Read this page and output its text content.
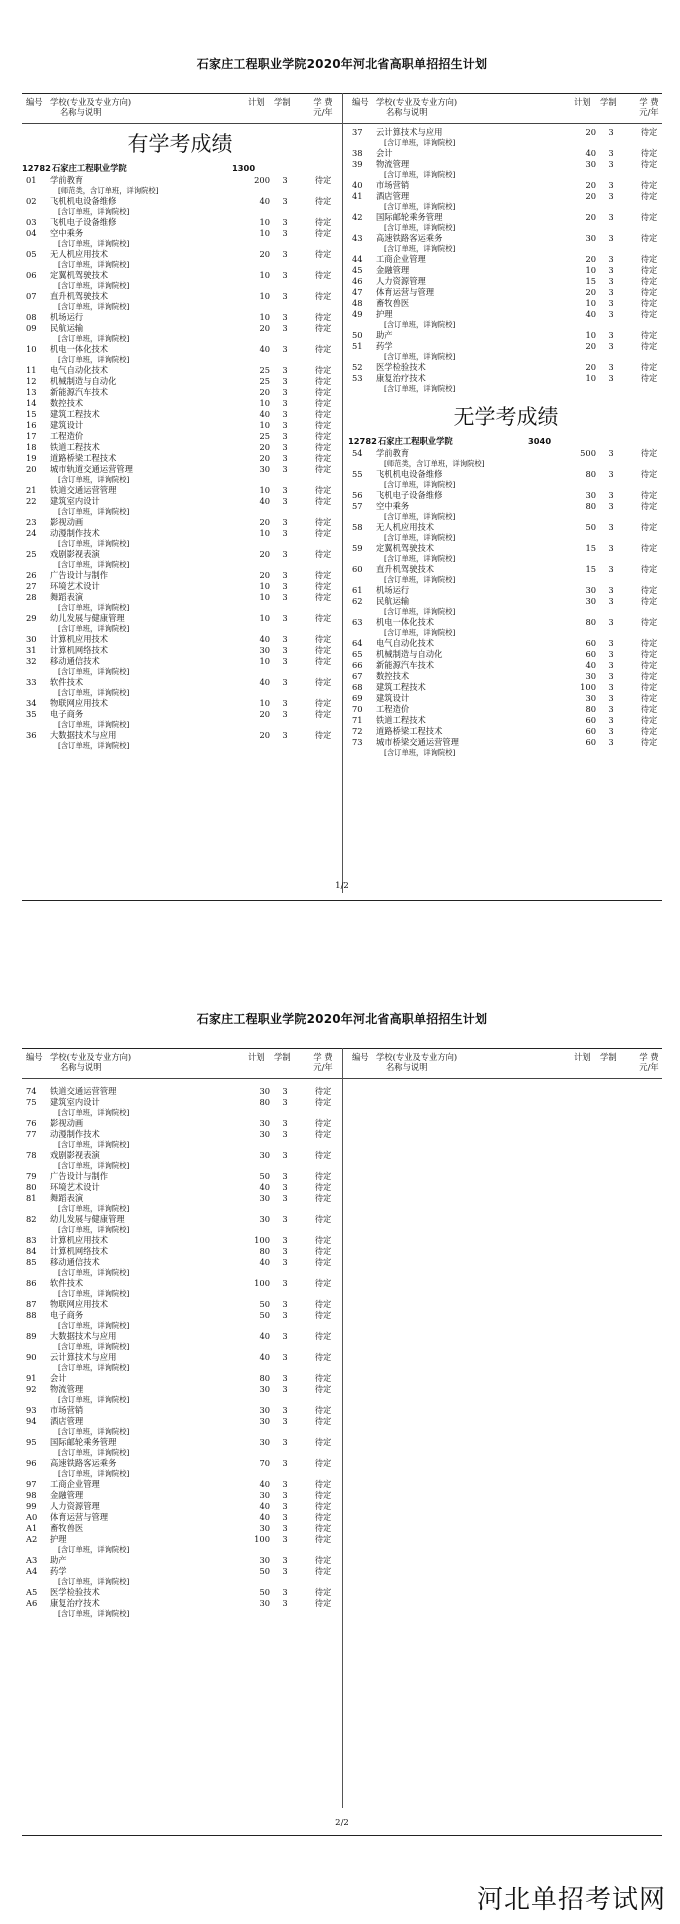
石家庄工程职业学院2020年河北省高职单招招生计划
编号 学校(专业及专业方向)
名称与说明
计划 学制	学 费
元/年
编号 学校(专业及专业方向)
名称与说明
计划 学制	学 费
元/年
有学考成绩
12782 石家庄工程职业学院	1300
01	学前教育	200	3	待定
[师范类，含订单班，详询院校]
02	飞机机电设备维修	40	3	待定
[含订单班，详询院校]
03	飞机电子设备维修	10	3	待定
04	空中乘务	10	3	待定
[含订单班，详询院校]
05	无人机应用技术	20	3	待定
[含订单班，详询院校]
06	定翼机驾驶技术	10	3	待定
[含订单班，详询院校]
07	直升机驾驶技术	10	3	待定
[含订单班，详询院校]
08	机场运行	10	3	待定
09	民航运输	20	3	待定
[含订单班，详询院校]
10	机电一体化技术	40	3	待定
[含订单班，详询院校]
11	电气自动化技术	25	3	待定
12	机械制造与自动化	25	3	待定
13	新能源汽车技术	20	3	待定
14	数控技术	10	3	待定
15	建筑工程技术	40	3	待定
16	建筑设计	10	3	待定
17	工程造价	25	3	待定
18	铁道工程技术	20	3	待定
19	道路桥梁工程技术	20	3	待定
20	城市轨道交通运营管理	30	3	待定
[含订单班，详询院校]
21	铁道交通运营管理	10	3	待定
22	建筑室内设计	40	3	待定
[含订单班，详询院校]
23	影视动画	20	3	待定
24	动漫制作技术	10	3	待定
[含订单班，详询院校]
25	戏剧影视表演	20	3	待定
[含订单班，详询院校]
26	广告设计与制作	20	3	待定
27	环境艺术设计	10	3	待定
28	舞蹈表演	10	3	待定
[含订单班，详询院校]
29	幼儿发展与健康管理	10	3	待定
[含订单班，详询院校]
30	计算机应用技术	40	3	待定
31	计算机网络技术	30	3	待定
32	移动通信技术	10	3	待定
[含订单班，详询院校]
33	软件技术	40	3	待定
[含订单班，详询院校]
34	物联网应用技术	10	3	待定
35	电子商务	20	3	待定
[含订单班，详询院校]
36	大数据技术与应用	20	3	待定
[含订单班，详询院校]
37	云计算技术与应用	20	3	待定
[含订单班，详询院校]
38	会计	40	3	待定
39	物流管理	30	3	待定
[含订单班，详询院校]
40	市场营销	20	3	待定
41	酒店管理	20	3	待定
[含订单班，详询院校]
42	国际邮轮乘务管理	20	3	待定
[含订单班，详询院校]
43	高速铁路客运乘务	30	3	待定
[含订单班，详询院校]
44	工商企业管理	20	3	待定
45	金融管理	10	3	待定
46	人力资源管理	15	3	待定
47	体育运营与管理	20	3	待定
48	畜牧兽医	10	3	待定
49	护理	40	3	待定
[含订单班，详询院校]
50	助产	10	3	待定
51	药学	20	3	待定
[含订单班，详询院校]
52	医学检验技术	20	3	待定
53	康复治疗技术	10	3	待定
[含订单班，详询院校]
无学考成绩
12782 石家庄工程职业学院	3040
54	学前教育	500	3	待定
[师范类，含订单班，详询院校]
55	飞机机电设备维修	80	3	待定
[含订单班，详询院校]
56	飞机电子设备维修	30	3	待定
57	空中乘务	80	3	待定
[含订单班，详询院校]
58	无人机应用技术	50	3	待定
[含订单班，详询院校]
59	定翼机驾驶技术	15	3	待定
[含订单班，详询院校]
60	直升机驾驶技术	15	3	待定
[含订单班，详询院校]
61	机场运行	30	3	待定
62	民航运输	30	3	待定
[含订单班，详询院校]
63	机电一体化技术	80	3	待定
[含订单班，详询院校]
64	电气自动化技术	60	3	待定
65	机械制造与自动化	60	3	待定
66	新能源汽车技术	40	3	待定
67	数控技术	30	3	待定
68	建筑工程技术	100	3	待定
69	建筑设计	30	3	待定
70	工程造价	80	3	待定
71	铁道工程技术	60	3	待定
72	道路桥梁工程技术	60	3	待定
73	城市桥梁交通运营管理	60	3	待定
[含订单班，详询院校]
1/2
石家庄工程职业学院2020年河北省高职单招招生计划
编号 学校(专业及专业方向)
名称与说明
计划 学制	学 费
元/年
编号 学校(专业及专业方向)
名称与说明
计划 学制	学 费
元/年
74	铁道交通运营管理	30	3	待定
75	建筑室内设计	80	3	待定
[含订单班，详询院校]
76	影视动画	30	3	待定
77	动漫制作技术	30	3	待定
[含订单班，详询院校]
78	戏剧影视表演	30	3	待定
[含订单班，详询院校]
79	广告设计与制作	50	3	待定
80	环境艺术设计	40	3	待定
81	舞蹈表演	30	3	待定
[含订单班，详询院校]
82	幼儿发展与健康管理	30	3	待定
[含订单班，详询院校]
83	计算机应用技术	100	3	待定
84	计算机网络技术	80	3	待定
85	移动通信技术	40	3	待定
[含订单班，详询院校]
86	软件技术	100	3	待定
[含订单班，详询院校]
87	物联网应用技术	50	3	待定
88	电子商务	50	3	待定
[含订单班，详询院校]
89	大数据技术与应用	40	3	待定
[含订单班，详询院校]
90	云计算技术与应用	40	3	待定
[含订单班，详询院校]
91	会计	80	3	待定
92	物流管理	30	3	待定
[含订单班，详询院校]
93	市场营销	30	3	待定
94	酒店管理	30	3	待定
[含订单班，详询院校]
95	国际邮轮乘务管理	30	3	待定
[含订单班，详询院校]
96	高速铁路客运乘务	70	3	待定
[含订单班，详询院校]
97	工商企业管理	40	3	待定
98	金融管理	30	3	待定
99	人力资源管理	40	3	待定
A0	体育运营与管理	40	3	待定
A1	畜牧兽医	30	3	待定
A2	护理	100	3	待定
[含订单班，详询院校]
A3	助产	30	3	待定
A4	药学	50	3	待定
[含订单班，详询院校]
A5	医学检验技术	50	3	待定
A6	康复治疗技术	30	3	待定
[含订单班，详询院校]
2/2
河北单招考试网
